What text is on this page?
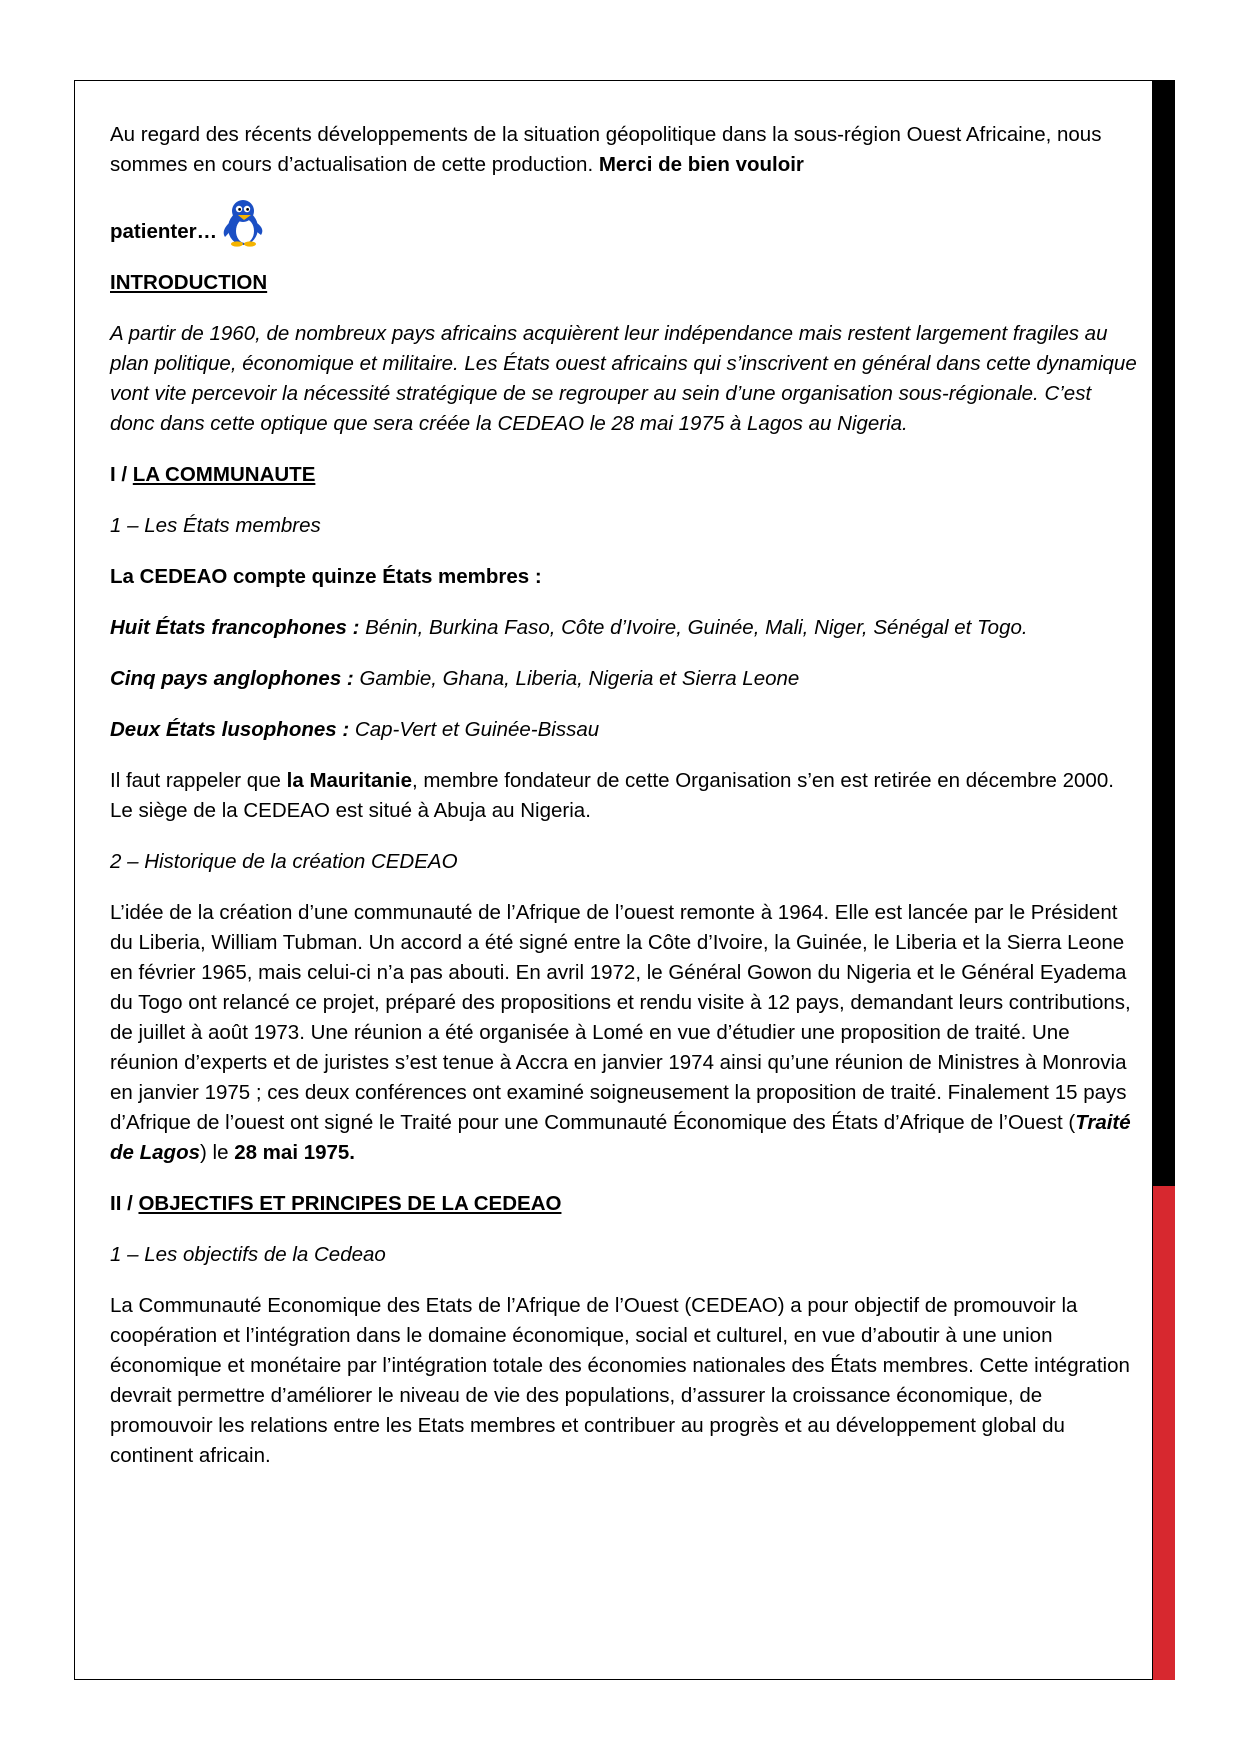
Au regard des récents développements de la situation géopolitique dans la sous-région Ouest Africaine, nous sommes en cours d’actualisation de cette production. Merci de bien vouloir

patienter…

INTRODUCTION

A partir de 1960, de nombreux pays africains acquièrent leur indépendance mais restent largement fragiles au plan politique, économique et militaire. Les États ouest africains qui s’inscrivent en général dans cette dynamique vont vite percevoir la nécessité stratégique de se regrouper au sein d’une organisation sous-régionale. C’est donc dans cette optique que sera créée la CEDEAO le 28 mai 1975 à Lagos au Nigeria.

I / LA COMMUNAUTE

1 – Les États membres

La CEDEAO compte quinze États membres :

Huit États francophones : Bénin, Burkina Faso, Côte d’Ivoire, Guinée, Mali, Niger, Sénégal et Togo.

Cinq pays anglophones : Gambie, Ghana, Liberia, Nigeria et Sierra Leone

Deux États lusophones : Cap-Vert et Guinée-Bissau

Il faut rappeler que la Mauritanie, membre fondateur de cette Organisation s’en est retirée en décembre 2000. Le siège de la CEDEAO est situé à Abuja au Nigeria.

2 – Historique de la création CEDEAO

L’idée de la création d’une communauté de l’Afrique de l’ouest remonte à 1964. Elle est lancée par le Président du Liberia, William Tubman. Un accord a été signé entre la Côte d’Ivoire, la Guinée, le Liberia et la Sierra Leone en février 1965, mais celui-ci n’a pas abouti. En avril 1972, le Général Gowon du Nigeria et le Général Eyadema du Togo ont relancé ce projet, préparé des propositions et rendu visite à 12 pays, demandant leurs contributions, de juillet à août 1973. Une réunion a été organisée à Lomé en vue d’étudier une proposition de traité. Une réunion d’experts et de juristes s’est tenue à Accra en janvier 1974 ainsi qu’une réunion de Ministres à Monrovia en janvier 1975 ; ces deux conférences ont examiné soigneusement la proposition de traité. Finalement 15 pays d’Afrique de l’ouest ont signé le Traité pour une Communauté Économique des États d’Afrique de l’Ouest (Traité de Lagos) le 28 mai 1975.

II / OBJECTIFS ET PRINCIPES DE LA CEDEAO

1 – Les objectifs de la Cedeao

La Communauté Economique des Etats de l’Afrique de l’Ouest (CEDEAO) a pour objectif de promouvoir la coopération et l’intégration dans le domaine économique, social et culturel, en vue d’aboutir à une union économique et monétaire par l’intégration totale des économies nationales des États membres. Cette intégration devrait permettre d’améliorer le niveau de vie des populations, d’assurer la croissance économique, de promouvoir les relations entre les Etats membres et contribuer au progrès et au développement global du continent africain.
